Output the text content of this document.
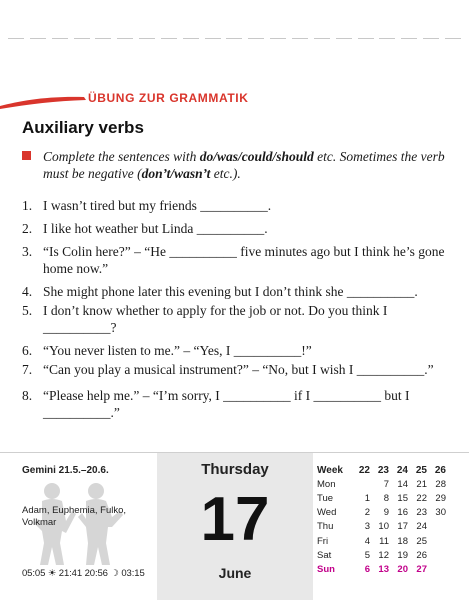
ÜBUNG ZUR GRAMMATIK
Auxiliary verbs
Complete the sentences with do/was/could/should etc. Sometimes the verb must be negative (don’t/wasn’t etc.).
1. I wasn’t tired but my friends __________.
2. I like hot weather but Linda __________.
3. “Is Colin here?” – “He __________ five minutes ago but I think he’s gone home now.”
4. She might phone later this evening but I don’t think she __________.
5. I don’t know whether to apply for the job or not. Do you think I __________?
6. “You never listen to me.” – “Yes, I __________!”
7. “Can you play a musical instrument?” – “No, but I wish I __________.”
8. “Please help me.” – “I’m sorry, I __________ if I __________ but I __________.”
Gemini 21.5.–20.6.
Adam, Euphemia, Fulko, Volkmar
05:05 ☀ 21:41 20:56 ☽ 03:15
Thursday
17
June
Week	22	23	24	25	26
Mon		7	14	21	28
Tue	1	8	15	22	29
Wed	2	9	16	23	30
Thu	3	10	17	24	
Fri	4	11	18	25	
Sat	5	12	19	26	
Sun	6	13	20	27	
